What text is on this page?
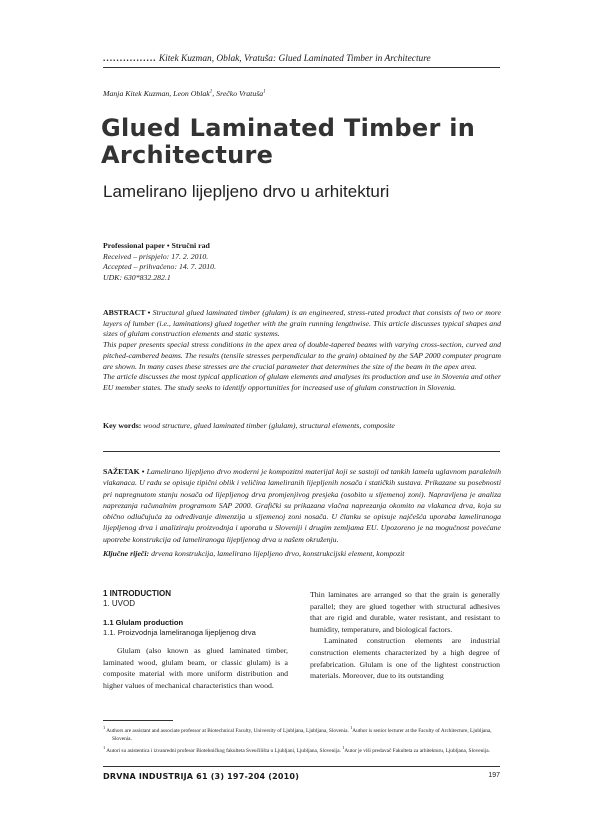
................ Kitek Kuzman, Oblak, Vratuša: Glued Laminated Timber in Architecture
Manja Kitek Kuzman, Leon Oblak$^1$, Srečko Vratuša$^1$
Glued Laminated Timber in Architecture
Lamelirano lijepljeno drvo u arhitekturi
Professional paper • Stručni rad
Received – prispjelo: 17. 2. 2010.
Accepted – prihvaćeno: 14. 7. 2010.
UDK: 630*832.282.1

ABSTRACT • Structural glued laminated timber (glulam) is an engineered, stress-rated product that consists of two or more layers of lumber (i.e., laminations) glued together with the grain running lengthwise. This article discusses typical shapes and sizes of glulam construction elements and static systems.

This paper presents special stress conditions in the apex area of double-tapered beams with varying cross-section, curved and pitched-cambered beams. The results (tensile stresses perpendicular to the grain) obtained by the SAP 2000 computer program are shown. In many cases these stresses are the crucial parameter that determines the size of the beam in the apex area.

The article discusses the most typical application of glulam elements and analyses its production and use in Slovenia and other EU member states. The study seeks to identify opportunities for increased use of glulam construction in Slovenia.

Key words: wood structure, glued laminated timber (glulam), structural elements, composite

SAŽETAK • Lamelirano lijepljeno drvo moderni je kompozitni materijal koji se sastoji od tankih lamela uglavnom paralelnih vlakanaca. U radu se opisuje tipični oblik i veličina lameliranih lijepljenih nosača i statičkih sustava. Prikazane su posebnosti pri napregnutom stanju nosača od lijepljenog drva promjenjivog presjeka (osobito u sljemenoj zoni). Napravljena je analiza naprezanja računalnim programom SAP 2000. Grafički su prikazana vlačna naprezanja okomito na vlakanca drva, koja su obično odlučujuća za određivanje dimenzija u sljemenoj zoni nosača. U članku se opisuje najčešća uporaba lameliranoga lijepljenog drva i analiziraju proizvodnja i uporaba u Sloveniji i drugim zemljama EU. Upozoreno je na mogućnost povećane upotrebe konstrukcija od lameliranoga lijepljenog drva u našem okruženju.

Ključne riječi: drvena konstrukcija, lamelirano lijepljeno drvo, konstrukcijski element, kompozit
1 INTRODUCTION
1. UVOD
1.1 Glulam production
1.1. Proizvodnja lameliranoga lijepljenog drva

Glulam (also known as glued laminated timber, laminated wood, glulam beam, or classic glulam) is a composite material with more uniform distribution and higher values of mechanical characteristics than wood.

Thin laminates are arranged so that the grain is generally parallel; they are glued together with structural adhesives that are rigid and durable, water resistant, and resistant to humidity, temperature, and biological factors.

Laminated construction elements are industrial construction elements characterized by a high degree of prefabrication. Glulam is one of the lightest construction materials. Moreover, due to its outstanding

$^1$ Authors are assistant and associate professor at Biotechnical Faculty, University of Ljubljana, Ljubljana, Slovenia. $^1$Author is senior lecturer at the Faculty of Architecture, Ljubljana, Slovenia.

$^1$ Autori su asistentica i izvanredni profesor Biotehničkog fakulteta Sveučilišta u Ljubljani, Ljubljana, Slovenija. $^1$Autor je viši predavač Fakulteta za arhitekturu, Ljubljana, Slovenija.

DRVNA INDUSTRIJA 61 (3) 197-204 (2010)	197
